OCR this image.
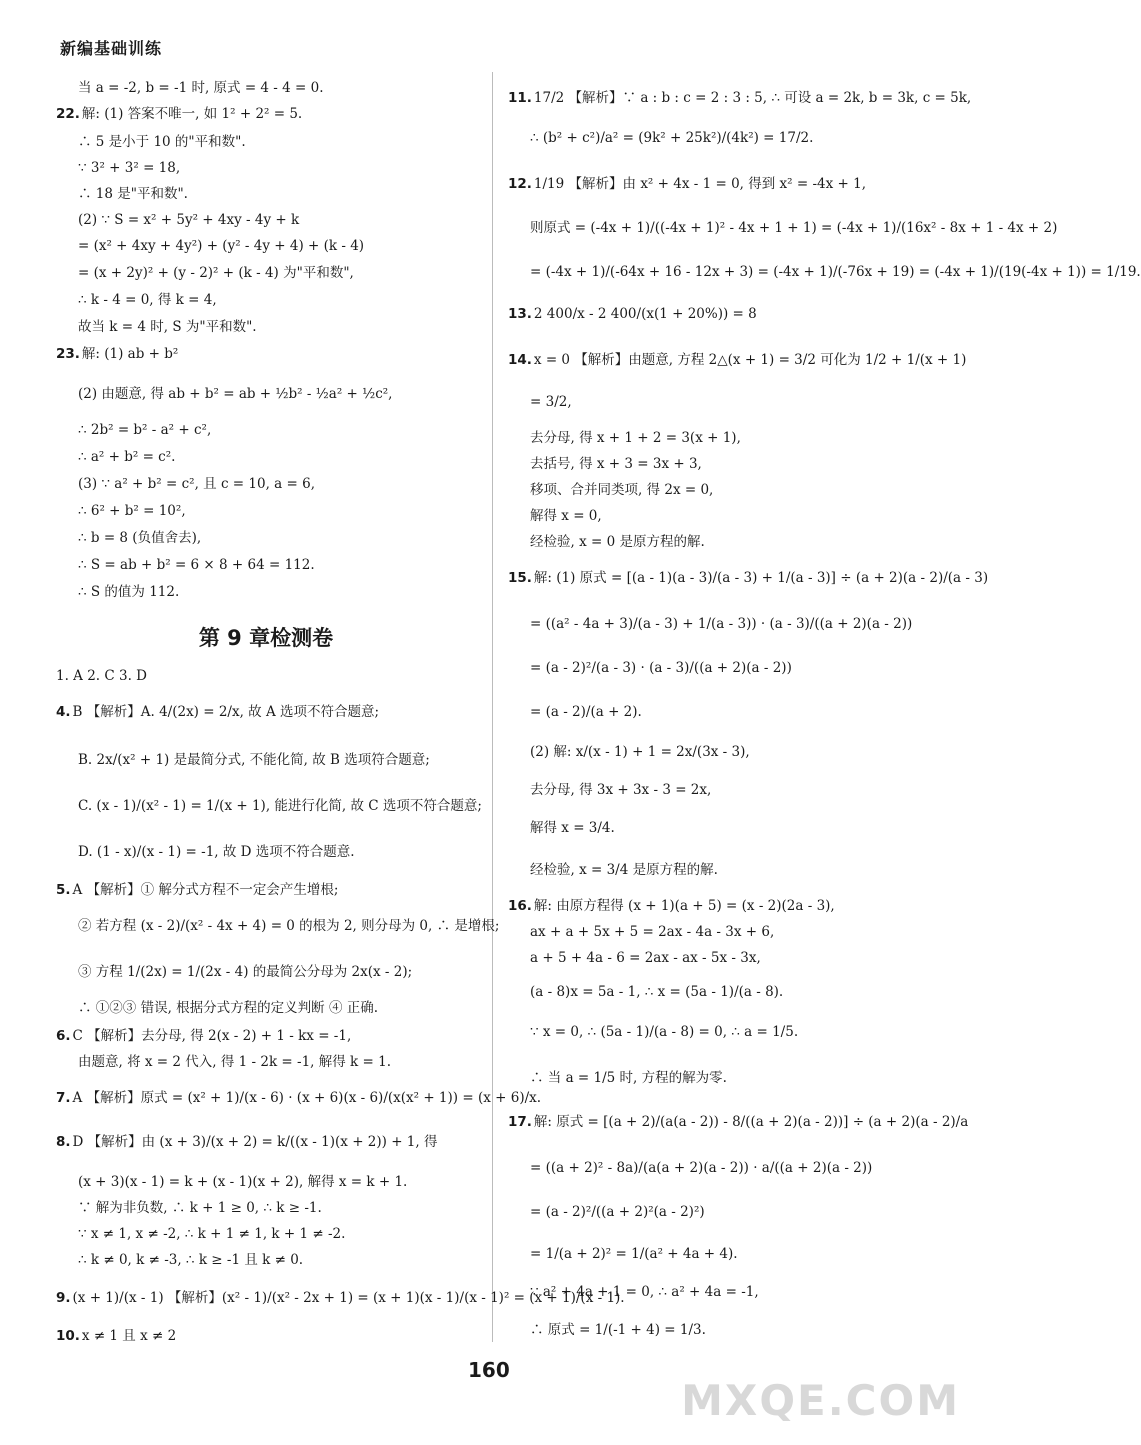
新编基础训练
第 9 章检测卷
当 a = -2, b = -1 时, 原式 = 4 - 4 = 0.
22. 解: (1) 答案不唯一, 如 1² + 2² = 5.
∴ 5 是小于 10 的"平和数".
∵ 3² + 3² = 18,
∴ 18 是"平和数".
(2) ∵ S = x² + 5y² + 4xy - 4y + k
= (x² + 4xy + 4y²) + (y² - 4y + 4) + (k - 4)
= (x + 2y)² + (y - 2)² + (k - 4) 为"平和数",
∴ k - 4 = 0, 得 k = 4,
故当 k = 4 时, S 为"平和数".
23. 解: (1) ab + b²
(2) 由题意, 得 ab + b² = ab + ½b² - ½a² + ½c²,
∴ 2b² = b² - a² + c²,
∴ a² + b² = c².
(3) ∵ a² + b² = c², 且 c = 10, a = 6,
∴ 6² + b² = 10²,
∴ b = 8 (负值舍去),
∴ S = ab + b² = 6 × 8 + 64 = 112.
∴ S 的值为 112.
1. A 2. C 3. D
4. B 【解析】A. 4/(2x) = 2/x, 故 A 选项不符合题意;
B. 2x/(x² + 1) 是最简分式, 不能化简, 故 B 选项符合题意;
C. (x - 1)/(x² - 1) = 1/(x + 1), 能进行化简, 故 C 选项不符合题意;
D. (1 - x)/(x - 1) = -1, 故 D 选项不符合题意.
5. A 【解析】① 解分式方程不一定会产生增根;
② 若方程 (x - 2)/(x² - 4x + 4) = 0 的根为 2, 则分母为 0, ∴ 是增根;
③ 方程 1/(2x) = 1/(2x - 4) 的最简公分母为 2x(x - 2);
∴ ①②③ 错误, 根据分式方程的定义判断 ④ 正确.
6. C 【解析】去分母, 得 2(x - 2) + 1 - kx = -1,
由题意, 将 x = 2 代入, 得 1 - 2k = -1, 解得 k = 1.
7. A 【解析】原式 = (x² + 1)/(x - 6) · (x + 6)(x - 6)/(x(x² + 1)) = (x + 6)/x.
8. D 【解析】由 (x + 3)/(x + 2) = k/((x - 1)(x + 2)) + 1, 得
(x + 3)(x - 1) = k + (x - 1)(x + 2), 解得 x = k + 1.
∵ 解为非负数, ∴ k + 1 ≥ 0, ∴ k ≥ -1.
∵ x ≠ 1, x ≠ -2, ∴ k + 1 ≠ 1, k + 1 ≠ -2.
∴ k ≠ 0, k ≠ -3, ∴ k ≥ -1 且 k ≠ 0.
9. (x + 1)/(x - 1) 【解析】(x² - 1)/(x² - 2x + 1) = (x + 1)(x - 1)/(x - 1)² = (x + 1)/(x - 1).
10. x ≠ 1 且 x ≠ 2
11. 17/2 【解析】∵ a : b : c = 2 : 3 : 5, ∴ 可设 a = 2k, b = 3k, c = 5k,
∴ (b² + c²)/a² = (9k² + 25k²)/(4k²) = 17/2.
12. 1/19 【解析】由 x² + 4x - 1 = 0, 得到 x² = -4x + 1,
则原式 = (-4x + 1)/((-4x + 1)² - 4x + 1 + 1) = (-4x + 1)/(16x² - 8x + 1 - 4x + 2)
= (-4x + 1)/(-64x + 16 - 12x + 3) = (-4x + 1)/(-76x + 19) = (-4x + 1)/(19(-4x + 1)) = 1/19.
13. 2 400/x - 2 400/(x(1 + 20%)) = 8
14. x = 0 【解析】由题意, 方程 2△(x + 1) = 3/2 可化为 1/2 + 1/(x + 1)
= 3/2,
去分母, 得 x + 1 + 2 = 3(x + 1),
去括号, 得 x + 3 = 3x + 3,
移项、合并同类项, 得 2x = 0,
解得 x = 0,
经检验, x = 0 是原方程的解.
15. 解: (1) 原式 = [(a - 1)(a - 3)/(a - 3) + 1/(a - 3)] ÷ (a + 2)(a - 2)/(a - 3)
= ((a² - 4a + 3)/(a - 3) + 1/(a - 3)) · (a - 3)/((a + 2)(a - 2))
= (a - 2)²/(a - 3) · (a - 3)/((a + 2)(a - 2))
= (a - 2)/(a + 2).
(2) 解: x/(x - 1) + 1 = 2x/(3x - 3),
去分母, 得 3x + 3x - 3 = 2x,
解得 x = 3/4.
经检验, x = 3/4 是原方程的解.
16. 解: 由原方程得 (x + 1)(a + 5) = (x - 2)(2a - 3),
ax + a + 5x + 5 = 2ax - 4a - 3x + 6,
a + 5 + 4a - 6 = 2ax - ax - 5x - 3x,
(a - 8)x = 5a - 1, ∴ x = (5a - 1)/(a - 8).
∵ x = 0, ∴ (5a - 1)/(a - 8) = 0, ∴ a = 1/5.
∴ 当 a = 1/5 时, 方程的解为零.
17. 解: 原式 = [(a + 2)/(a(a - 2)) - 8/((a + 2)(a - 2))] ÷ (a + 2)(a - 2)/a
= ((a + 2)² - 8a)/(a(a + 2)(a - 2)) · a/((a + 2)(a - 2))
= (a - 2)²/((a + 2)²(a - 2)²)
= 1/(a + 2)² = 1/(a² + 4a + 4).
∵ a² + 4a + 1 = 0, ∴ a² + 4a = -1,
∴ 原式 = 1/(-1 + 4) = 1/3.
160
MXQE.COM
